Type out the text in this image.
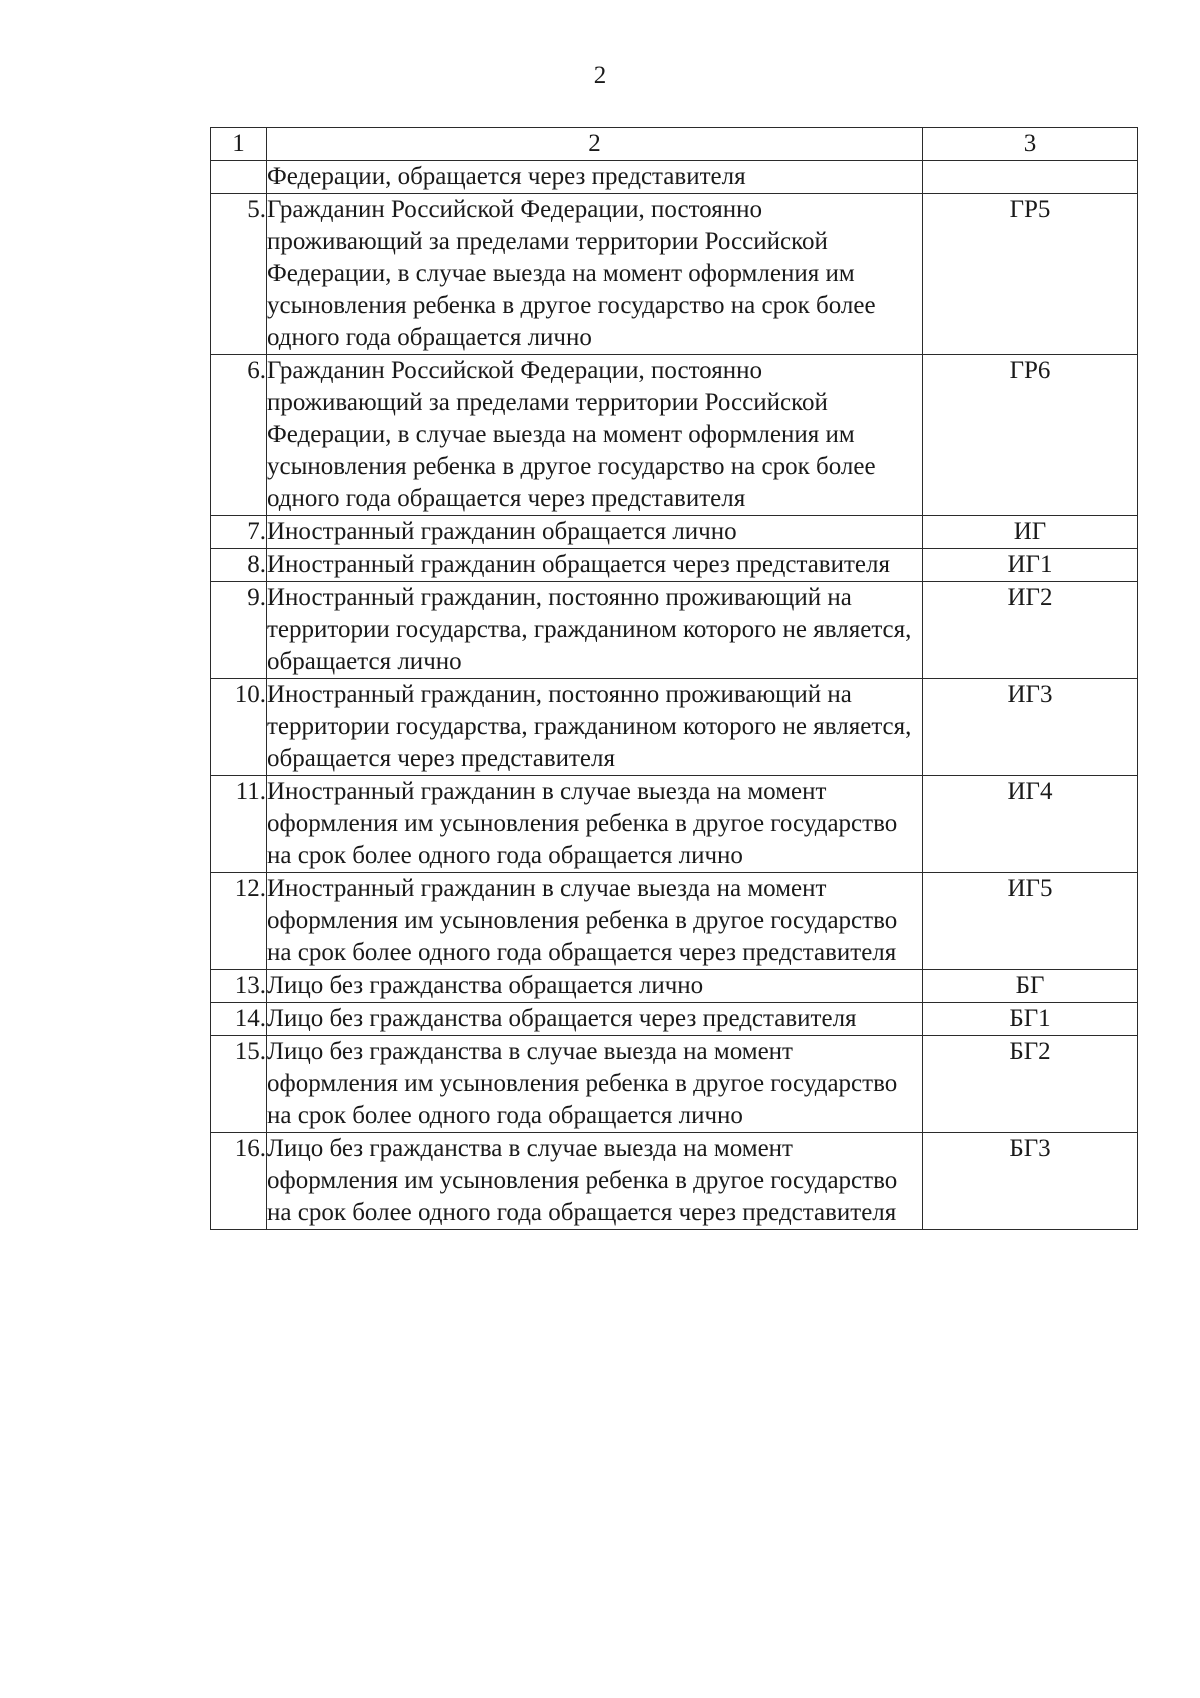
2
1	2	3
	Федерации, обращается через представителя	
5.	Гражданин Российской Федерации, постоянно проживающий за пределами территории Российской Федерации, в случае выезда на момент оформления им усыновления ребенка в другое государство на срок более одного года обращается лично	ГР5
6.	Гражданин Российской Федерации, постоянно проживающий за пределами территории Российской Федерации, в случае выезда на момент оформления им усыновления ребенка в другое государство на срок более одного года обращается через представителя	ГР6
7.	Иностранный гражданин обращается лично	ИГ
8.	Иностранный гражданин обращается через представителя	ИГ1
9.	Иностранный гражданин, постоянно проживающий на территории государства, гражданином которого не является, обращается лично	ИГ2
10.	Иностранный гражданин, постоянно проживающий на территории государства, гражданином которого не является, обращается через представителя	ИГ3
11.	Иностранный гражданин в случае выезда на момент оформления им усыновления ребенка в другое государство на срок более одного года обращается лично	ИГ4
12.	Иностранный гражданин в случае выезда на момент оформления им усыновления ребенка в другое государство на срок более одного года обращается через представителя	ИГ5
13.	Лицо без гражданства обращается лично	БГ
14.	Лицо без гражданства обращается через представителя	БГ1
15.	Лицо без гражданства в случае выезда на момент оформления им усыновления ребенка в другое государство на срок более одного года обращается лично	БГ2
16.	Лицо без гражданства в случае выезда на момент оформления им усыновления ребенка в другое государство на срок более одного года обращается через представителя	БГ3
